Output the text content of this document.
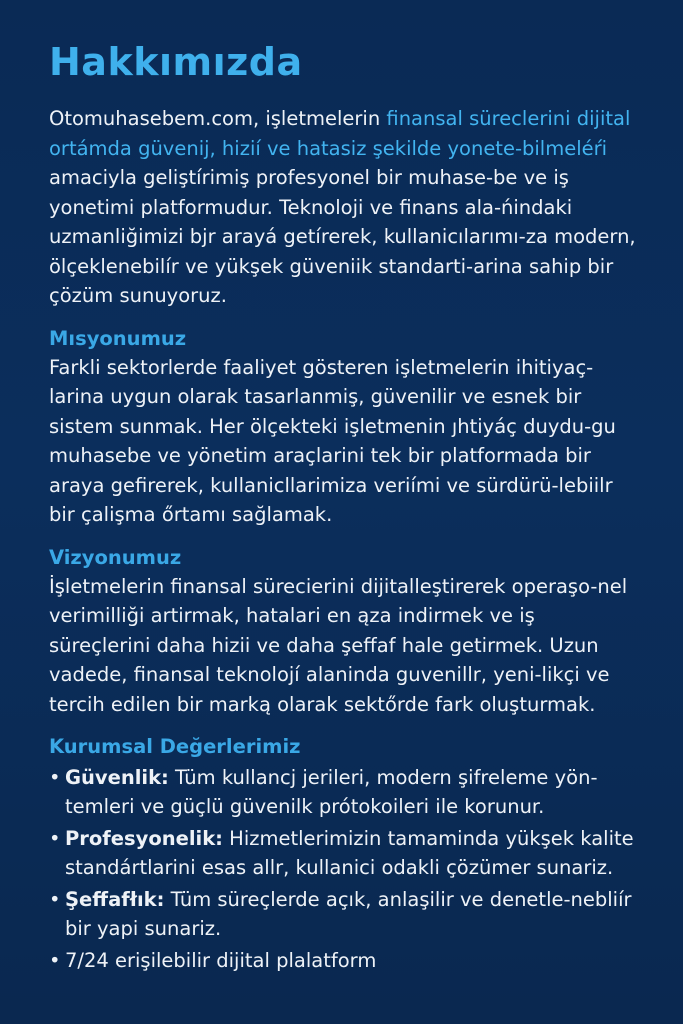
Hakkımızda

Otomuhasebem.com, işletmelerin finansal süreclerini dijital ortámda güvenij, hizií ve hatasiz şekilde yonete-bilmeléŕi amaciyla geliştírimiş profesyonel bir muhase-be ve iş yonetimi platformudur. Teknoloji ve finans ala-ńindaki uzmanliğimizi bjr arayá getírerek, kullanicılarımı-za modern, ölçeklenebilír ve yükşek güveniik standarti-arina sahip bir çözüm sunuyoruz.

Mısyonumuz

Farkli sektorlerde faaliyet gösteren işletmelerin ihitiyaç-larina uygun olarak tasarlanmiş, güvenilir ve esnek bir sistem sunmak. Her ölçekteki işletmenin ȷhtiyáç duydu-gu muhasebe ve yönetim araçlarini tek bir platformada bir araya gefirerek, kullanicllarimiza veriími ve sürdürü-lebiilr bir çalişma őrtamı sağlamak.

Vizyonumuz

İşletmelerin finansal sürecierini dijitalleştirerek operaşo-nel verimilliği artirmak, hatalari en ąza indirmek ve iş süreçlerini daha hizii ve daha şeffaf hale getirmek. Uzun vadede, finansal teknolojí alaninda guvenillr, yeni-likçi ve tercih edilen bir marką olarak sektőrde fark oluşturmak.

Kurumsal Değerlerimiz
• Güvenlik: Tüm kullancj jerileri, modern şifreleme yön-temleri ve güçlü güvenilk prótokoileri ile korunur.
• Profesyonelik: Hizmetlerimizin tamaminda yükşek kalite standártlarini esas allr, kullanici odakli çözümer sunariz.
• Şeffafłık: Tüm süreçlerde açık, anlaşilir ve denetle-nebliír bir yapi sunariz.
• 7/24 erişilebilir dijital plalatform
